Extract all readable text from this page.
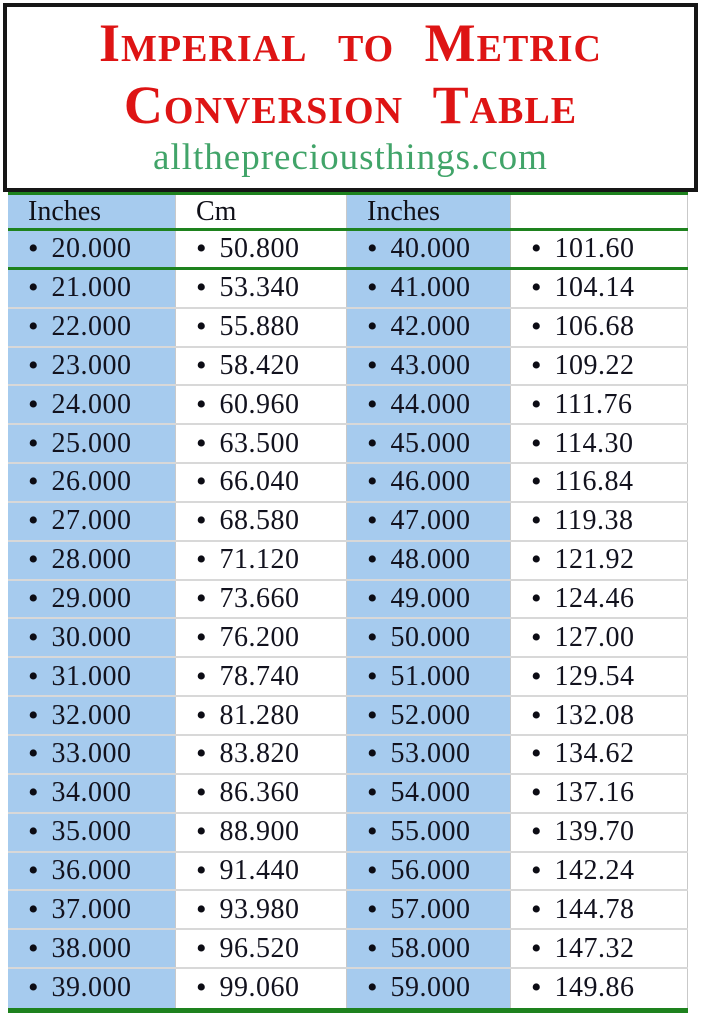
Imperial to Metric
Conversion Table
allthepreciousthings.com
Inches	Cm	Inches
• 20.000 • 50.800 • 40.000 • 101.60
• 21.000 • 53.340 • 41.000 • 104.14
• 22.000 • 55.880 • 42.000 • 106.68
• 23.000 • 58.420 • 43.000 • 109.22
• 24.000 • 60.960 • 44.000 • 111.76
• 25.000 • 63.500 • 45.000 • 114.30
• 26.000 • 66.040 • 46.000 • 116.84
• 27.000 • 68.580 • 47.000 • 119.38
• 28.000 • 71.120 • 48.000 • 121.92
• 29.000 • 73.660 • 49.000 • 124.46
• 30.000 • 76.200 • 50.000 • 127.00
• 31.000 • 78.740 • 51.000 • 129.54
• 32.000 • 81.280 • 52.000 • 132.08
• 33.000 • 83.820 • 53.000 • 134.62
• 34.000 • 86.360 • 54.000 • 137.16
• 35.000 • 88.900 • 55.000 • 139.70
• 36.000 • 91.440 • 56.000 • 142.24
• 37.000 • 93.980 • 57.000 • 144.78
• 38.000 • 96.520 • 58.000 • 147.32
• 39.000 • 99.060 • 59.000 • 149.86
